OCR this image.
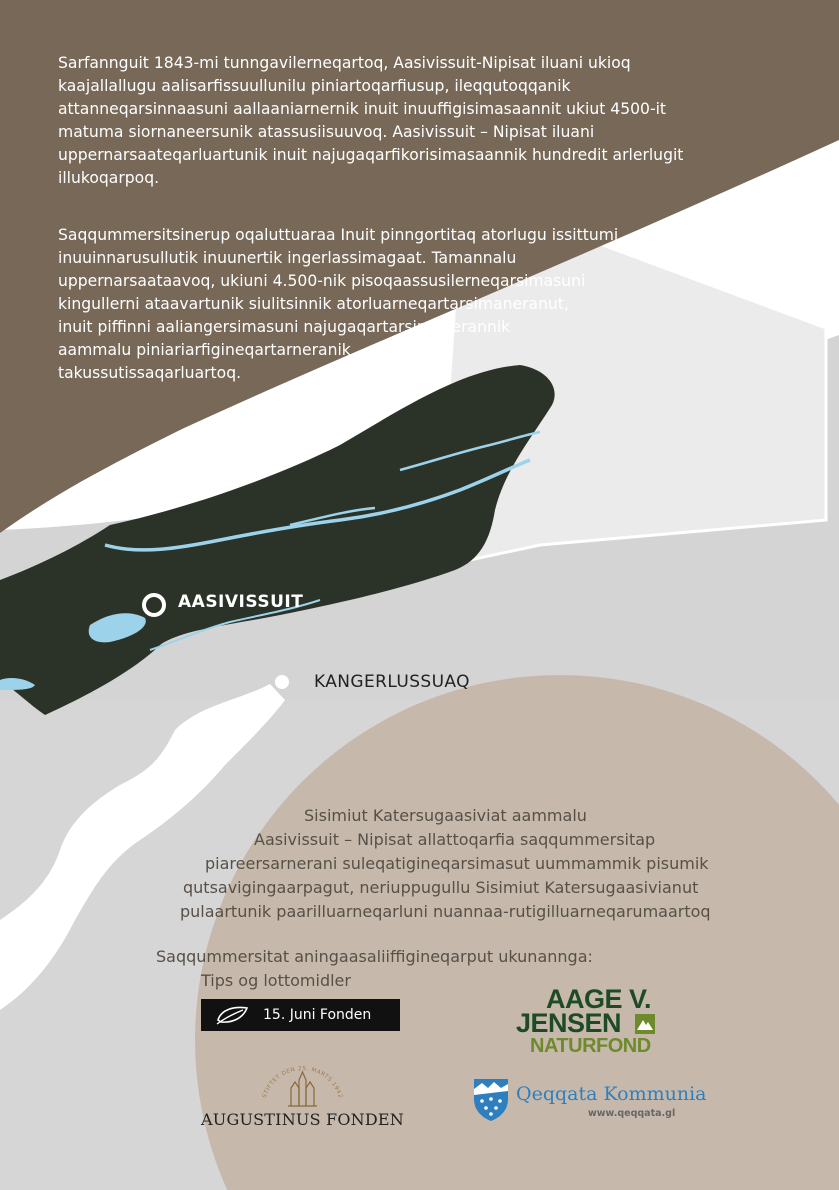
Sarfannguit 1843-mi tunngavilerneqartoq, Aasivissuit-Nipisat iluani ukioq
kaajallallugu aalisarfissuullunilu piniartoqarfiusup, ileqqutoqqanik
attanneqarsinnaasuni aallaaniarnernik inuit inuuffigisimasaannit ukiut 4500-it
matuma siornaneersunik atassusiisuuvoq. Aasivissuit – Nipisat iluani
uppernarsaateqarluartunik inuit najugaqarfikorisimasaannik hundredit arlerlugit
illukoqarpoq.

Saqqummersitsinerup oqaluttuaraa Inuit pinngortitaq atorlugu issittumi
inuuinnarusullutik inuunertik ingerlassimagaat. Tamannalu
uppernarsaataavoq, ukiuni 4.500-nik pisoqaassusilerneqarsimasuni
kingullerni ataavartunik siulitsinnik atorluarneqartarsimaneranut,
inuit piffinni aaliangersimasuni najugaqartarsimanerannik
aammalu piniariarfigineqartarneranik
takussutissaqarluartoq.

AASIVISSUIT
KANGERLUSSUAQ
Sisimiut Katersugaasiviat aammalu
Aasivissuit – Nipisat allattoqarfia saqqummersitap
piareersarnerani suleqatigineqarsimasut uummammik pisumik
qutsavigingaarpagut, neriuppugullu Sisimiut Katersugaasivianut
pulaartunik paarilluarneqarluni nuannaa-rutigilluarneqarumaartoq
Saqqummersitat aningaasaliiffigineqarput ukunannga:
Tips og lottomidler
15. Juni Fonden
AAGE V.
JENSEN
NATURFOND
STIFTET DEN 25. MARTS 1942
AUGUSTINUS FONDEN
Qeqqata Kommunia
www.qeqqata.gl
